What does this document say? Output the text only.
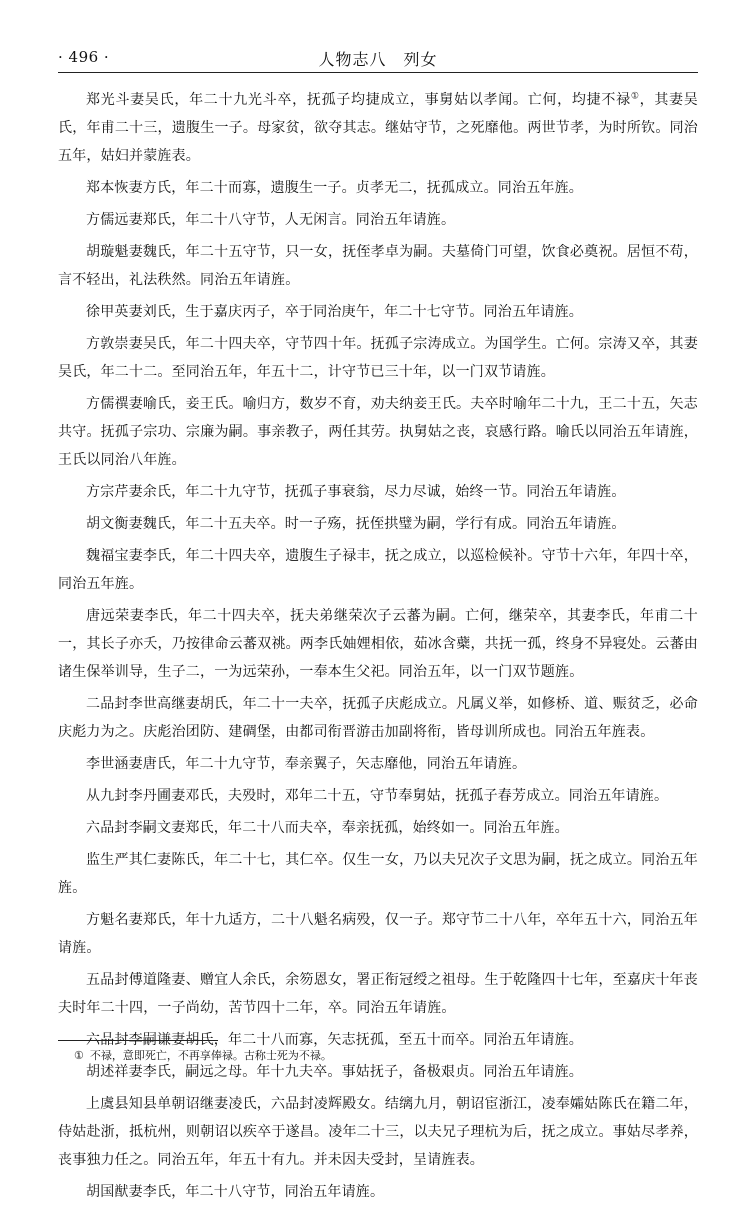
· 496 ·	人物志八　列女

郑光斗妻吴氏，年二十九光斗卒，抚孤子均捷成立，事舅姑以孝闻。亡何，均捷不禄①，其妻吴氏，年甫二十三，遗腹生一子。母家贫，欲夺其志。继姑守节，之死靡他。两世节孝，为时所钦。同治五年，姑妇并蒙旌表。

郑本恢妻方氏，年二十而寡，遗腹生一子。贞孝无二，抚孤成立。同治五年旌。

方儒远妻郑氏，年二十八守节，人无闲言。同治五年请旌。

胡璇魁妻魏氏，年二十五守节，只一女，抚侄孝卓为嗣。夫墓倚门可望，饮食必奠祝。居恒不苟，言不轻出，礼法秩然。同治五年请旌。

徐甲英妻刘氏，生于嘉庆丙子，卒于同治庚午，年二十七守节。同治五年请旌。

方敦崇妻吴氏，年二十四夫卒，守节四十年。抚孤子宗涛成立。为国学生。亡何。宗涛又卒，其妻吴氏，年二十二。至同治五年，年五十二，计守节已三十年，以一门双节请旌。

方儒禩妻喻氏，妾王氏。喻归方，数岁不育，劝夫纳妾王氏。夫卒时喻年二十九，王二十五，矢志共守。抚孤子宗功、宗廉为嗣。事亲教子，两任其劳。执舅姑之丧，哀感行路。喻氏以同治五年请旌，王氏以同治八年旌。

方宗芹妻余氏，年二十九守节，抚孤子事衰翁，尽力尽诚，始终一节。同治五年请旌。

胡文衡妻魏氏，年二十五夫卒。时一子殇，抚侄拱璧为嗣，学行有成。同治五年请旌。

魏福宝妻李氏，年二十四夫卒，遗腹生子禄丰，抚之成立，以巡检候补。守节十六年，年四十卒，同治五年旌。

唐远荣妻李氏，年二十四夫卒，抚夫弟继荣次子云蕃为嗣。亡何，继荣卒，其妻李氏，年甫二十一，其长子亦夭，乃按律命云蕃双祧。两李氏妯娌相依，茹冰含蘗，共抚一孤，终身不异寝处。云蕃由诸生保举训导，生子二，一为远荣孙，一奉本生父祀。同治五年，以一门双节题旌。

二品封李世高继妻胡氏，年二十一夫卒，抚孤子庆彪成立。凡属义举，如修桥、道、赈贫乏，必命庆彪力为之。庆彪治团防、建碉堡，由都司衔晋游击加副将衔，皆母训所成也。同治五年旌表。

李世涵妻唐氏，年二十九守节，奉亲翼子，矢志靡他，同治五年请旌。

从九封李丹圃妻邓氏，夫殁时，邓年二十五，守节奉舅姑，抚孤子春芳成立。同治五年请旌。

六品封李嗣文妻郑氏，年二十八而夫卒，奉亲抚孤，始终如一。同治五年旌。

监生严其仁妻陈氏，年二十七，其仁卒。仅生一女，乃以夫兄次子文思为嗣，抚之成立。同治五年旌。

方魁名妻郑氏，年十九适方，二十八魁名病殁，仅一子。郑守节二十八年，卒年五十六，同治五年请旌。

五品封傅道隆妻、赠宜人余氏，余笏恩女，署正衔冠绶之祖母。生于乾隆四十七年，至嘉庆十年丧夫时年二十四，一子尚幼，苦节四十二年，卒。同治五年请旌。

六品封李嗣谦妻胡氏，年二十八而寡，矢志抚孤，至五十而卒。同治五年请旌。

胡述祥妻李氏，嗣远之母。年十九夫卒。事姑抚子，备极艰贞。同治五年请旌。

上虞县知县单朝诏继妻凌氏，六品封凌辉殿女。结缡九月，朝诏宦浙江，凌奉孀姑陈氏在籍二年，侍姑赴浙，抵杭州，则朝诏以疾卒于遂昌。凌年二十三，以夫兄子理杭为后，抚之成立。事姑尽孝养，丧事独力任之。同治五年，年五十有九。并未因夫受封，呈请旌表。

胡国猷妻李氏，年二十八守节，同治五年请旌。

① 不禄，意即死亡，不再享俸禄。古称士死为不禄。
